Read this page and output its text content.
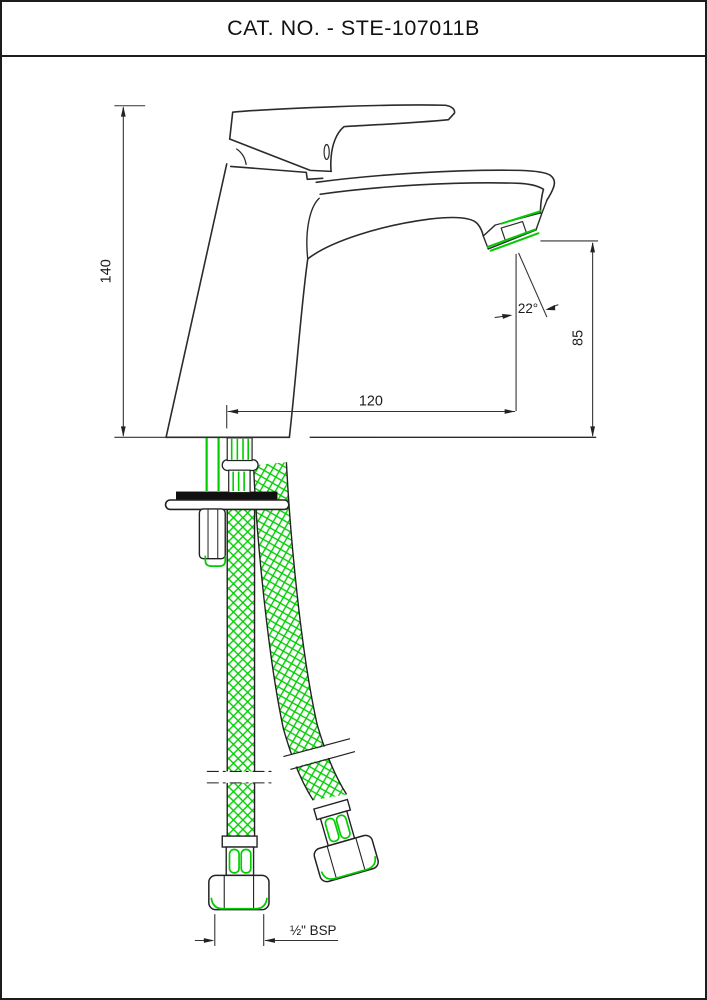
CAT. NO. - STE-107011B
140
120
85
22°
½" BSP
